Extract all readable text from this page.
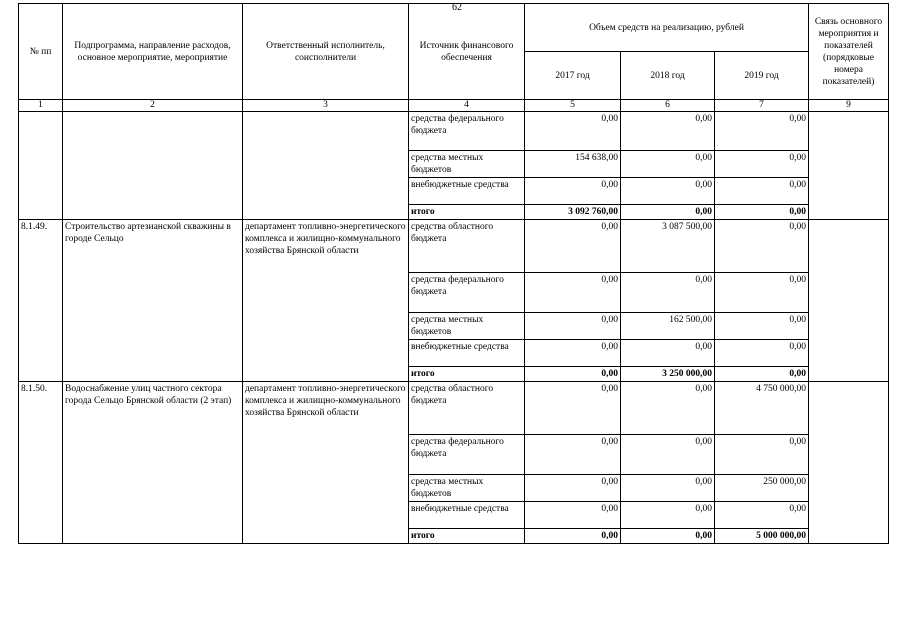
62
№ пп	Подпрограмма, направление расходов, основное мероприятие, мероприятие	Ответственный исполнитель, соисполнители	Источник финансового обеспечения	Объем средств на реализацию, рублей			Связь основного мероприятия и показателей (порядковые номера показателей)
				2017 год	2018 год	2019 год	
1	2	3	4	5	6	7	9
			средства федерального бюджета	0,00	0,00	0,00	
			средства местных бюджетов	154 638,00	0,00	0,00	
			внебюджетные средства	0,00	0,00	0,00	
			итого	3 092 760,00	0,00	0,00	
8.1.49.	Строительство артезианской скважины в городе Сельцо	департамент топливно-энергетического комплекса и жилищно-коммунального хозяйства Брянской области	средства областного бюджета	0,00	3 087 500,00	0,00	
			средства федерального бюджета	0,00	0,00	0,00	
			средства местных бюджетов	0,00	162 500,00	0,00	
			внебюджетные средства	0,00	0,00	0,00	
			итого	0,00	3 250 000,00	0,00	
8.1.50.	Водоснабжение улиц частного сектора города Сельцо Брянской области (2 этап)	департамент топливно-энергетического комплекса и жилищно-коммунального хозяйства Брянской области	средства областного бюджета	0,00	0,00	4 750 000,00	
			средства федерального бюджета	0,00	0,00	0,00	
			средства местных бюджетов	0,00	0,00	250 000,00	
			внебюджетные средства	0,00	0,00	0,00	
			итого	0,00	0,00	5 000 000,00	
